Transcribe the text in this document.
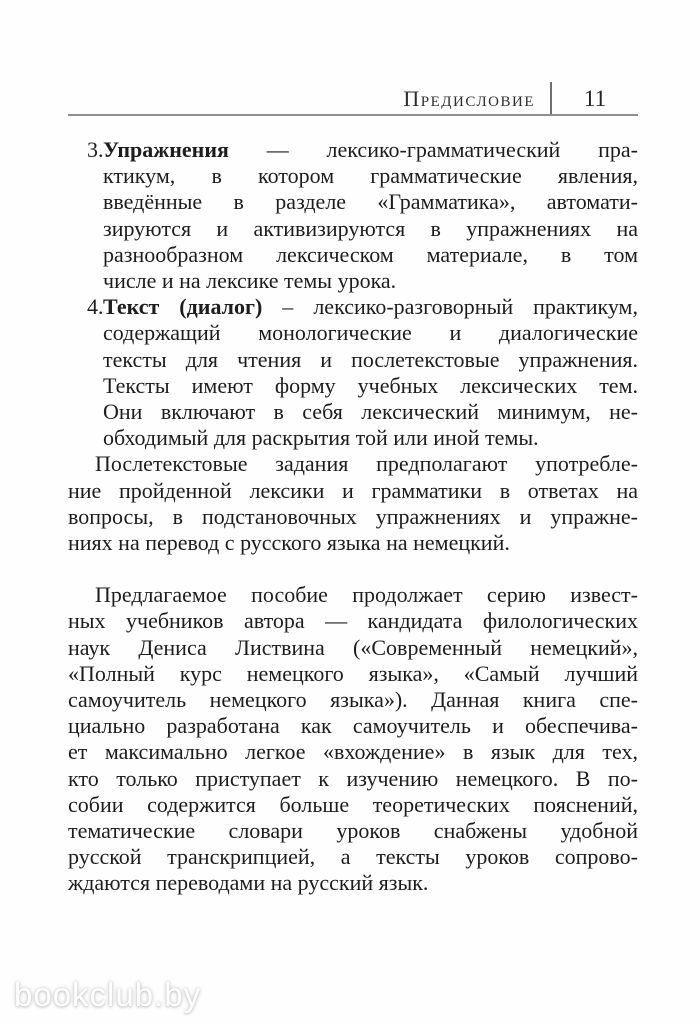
Предисловие	11
3. Упражнения — лексико-грамматический пра-
ктикум, в котором грамматические явления,
введённые в разделе «Грамматика», автомати-
зируются и активизируются в упражнениях на
разнообразном лексическом материале, в том
числе и на лексике темы урока.
4. Текст (диалог) – лексико-разговорный практикум,
содержащий монологические и диалогические
тексты для чтения и послетекстовые упражнения.
Тексты имеют форму учебных лексических тем.
Они включают в себя лексический минимум, не-
обходимый для раскрытия той или иной темы.
Послетекстовые задания предполагают употребле-
ние пройденной лексики и грамматики в ответах на
вопросы, в подстановочных упражнениях и упражне-
ниях на перевод с русского языка на немецкий.
Предлагаемое пособие продолжает серию извест-
ных учебников автора — кандидата филологических
наук Дениса Листвина («Современный немецкий»,
«Полный курс немецкого языка», «Самый лучший
самоучитель немецкого языка»). Данная книга спе-
циально разработана как самоучитель и обеспечива-
ет максимально легкое «вхождение» в язык для тех,
кто только приступает к изучению немецкого. В по-
собии содержится больше теоретических пояснений,
тематические словари уроков снабжены удобной
русской транскрипцией, а тексты уроков сопрово-
ждаются переводами на русский язык.
bookclub.by
